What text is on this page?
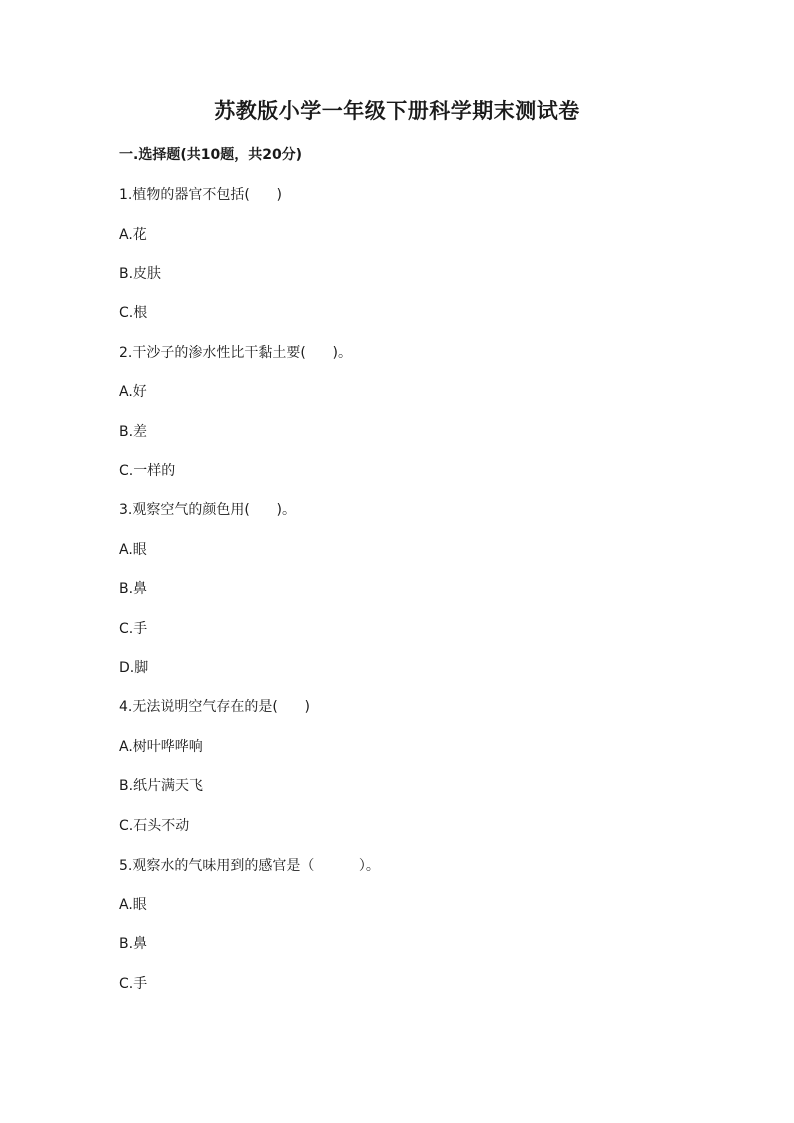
苏教版小学一年级下册科学期末测试卷
一.选择题(共10题，共20分)
1.植物的器官不包括(      )
A.花
B.皮肤
C.根
2.干沙子的渗水性比干黏土要(      )。
A.好
B.差
C.一样的
3.观察空气的颜色用(      )。
A.眼
B.鼻
C.手
D.脚
4.无法说明空气存在的是(      )
A.树叶哗哗响
B.纸片满天飞
C.石头不动
5.观察水的气味用到的感官是（          ）。
A.眼
B.鼻
C.手
